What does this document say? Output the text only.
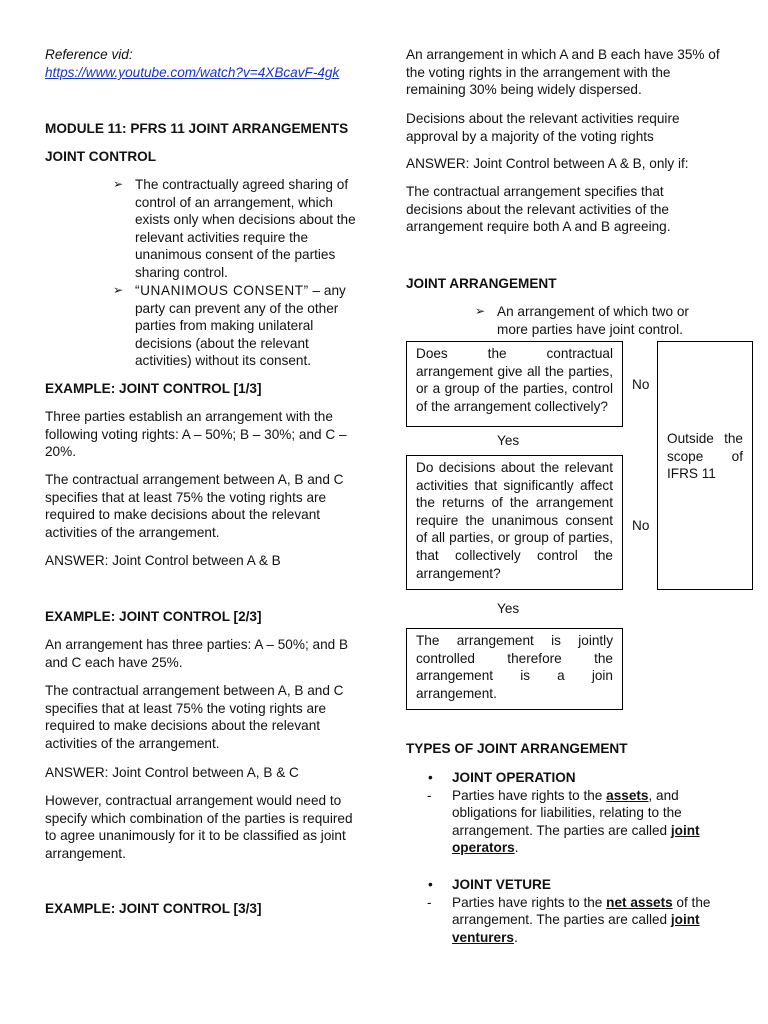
Reference vid:

https://www.youtube.com/watch?v=4XBcavF-4gk

MODULE 11: PFRS 11 JOINT ARRANGEMENTS

JOINT CONTROL

➢ The contractually agreed sharing of control of an arrangement, which exists only when decisions about the relevant activities require the unanimous consent of the parties sharing control.
➢ “UNANIMOUS CONSENT” – any party can prevent any of the other parties from making unilateral decisions (about the relevant activities) without its consent.

EXAMPLE: JOINT CONTROL [1/3]

Three parties establish an arrangement with the following voting rights: A – 50%; B – 30%; and C – 20%.

The contractual arrangement between A, B and C specifies that at least 75% the voting rights are required to make decisions about the relevant activities of the arrangement.

ANSWER: Joint Control between A & B

EXAMPLE: JOINT CONTROL [2/3]

An arrangement has three parties: A – 50%; and B and C each have 25%.

The contractual arrangement between A, B and C specifies that at least 75% the voting rights are required to make decisions about the relevant activities of the arrangement.

ANSWER: Joint Control between A, B & C

However, contractual arrangement would need to specify which combination of the parties is required to agree unanimously for it to be classified as joint arrangement.

EXAMPLE: JOINT CONTROL [3/3]

An arrangement in which A and B each have 35% of the voting rights in the arrangement with the remaining 30% being widely dispersed.

Decisions about the relevant activities require approval by a majority of the voting rights

ANSWER: Joint Control between A & B, only if:

The contractual arrangement specifies that decisions about the relevant activities of the arrangement require both A and B agreeing.

JOINT ARRANGEMENT

➢ An arrangement of which two or more parties have joint control.
Does the contractual arrangement give all the parties, or a group of the parties, control of the arrangement collectively?

No

Yes

Do decisions about the relevant activities that significantly affect the returns of the arrangement require the unanimous consent of all parties, or group of parties, that collectively control the arrangement?

No

Yes

The arrangement is jointly controlled therefore the arrangement is a join arrangement.
Outside the scope of IFRS 11

TYPES OF JOINT ARRANGEMENT

• JOINT OPERATION

- Parties have rights to the assets, and obligations for liabilities, relating to the arrangement. The parties are called joint operators.

• JOINT VETURE

- Parties have rights to the net assets of the arrangement. The parties are called joint venturers.
